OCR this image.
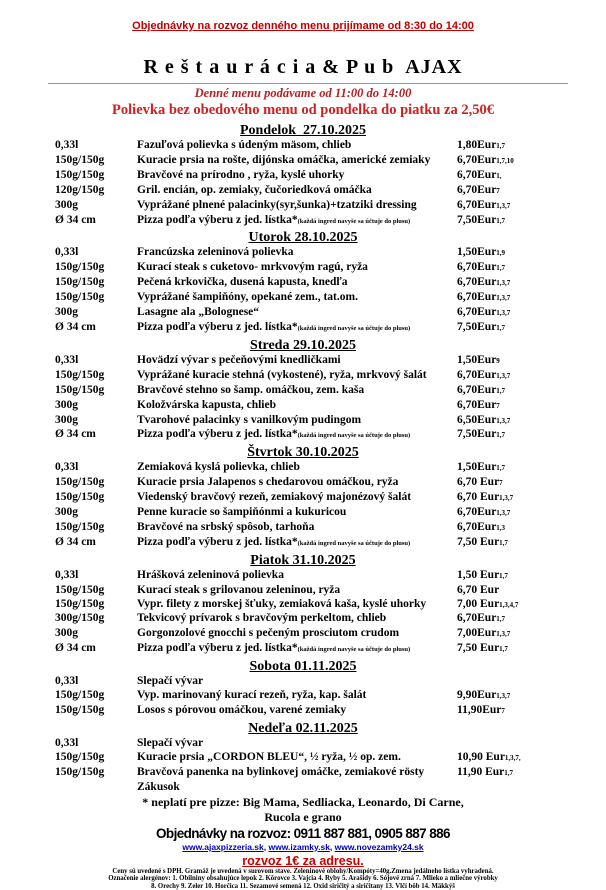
Objednávky na rozvoz denného menu prijímame od 8:30 do 14:00
R e š t a u r á c i a & P u b  AJAX
Denné menu podávame od 11:00 do 14:00
Polievka bez obedového menu od pondelka do piatku za 2,50€
Pondelok  27.10.2025
0,33l	Fazuľová polievka s údeným mäsom, chlieb	1,80Eur1,7
150g/150g	Kuracie prsia na rošte, dijónska omáčka, americké zemiaky	6,70Eur1,7,10
150g/150g	Bravčové na prírodno , ryža, kyslé uhorky	6,70Eur1,
120g/150g	Gril. encián, op. zemiaky, čučoriedková omáčka	6,70Eur7
300g	Vyprážané plnené palacinky(syr,šunka)+tzatziki dressing	6,70Eur1,3,7
Ø 34 cm	Pizza podľa výberu z jed. lístka*(každá ingred navyše sa účtuje do plusu)	7,50Eur1,7
Utorok 28.10.2025
0,33l	Francúzska zeleninová polievka	1,50Eur1,9
150g/150g	Kurací steak s cuketovo- mrkvovým ragú, ryža	6,70Eur1,7
150g/150g	Pečená krkovička, dusená kapusta, knedľa	6,70Eur1,3,7
150g/150g	Vyprážané šampiňóny, opekané zem., tat.om.	6,70Eur1,3,7
300g	Lasagne ala „Bolognese“	6,70Eur1,3,7
Ø 34 cm	Pizza podľa výberu z jed. lístka*(každá ingred navyše sa účtuje do plusu)	7,50Eur1,7
Streda 29.10.2025
0,33l	Hovädzí vývar s pečeňovými knedličkami	1,50Eur9
150g/150g	Vyprážané kuracie stehná (vykostené), ryža, mrkvový šalát	6,70Eur1,3,7
150g/150g	Bravčové stehno so šamp. omáčkou, zem. kaša	6,70Eur1,7
300g	Koložvárska kapusta, chlieb	6,70Eur7
300g	Tvarohové palacinky s vanilkovým pudingom	6,50Eur1,3,7
Ø 34 cm	Pizza podľa výberu z jed. lístka*(každá ingred navyše sa účtuje do plusu)	7,50Eur1,7
Štvrtok 30.10.2025
0,33l	Zemiaková kyslá polievka, chlieb	1,50Eur1,7
150g/150g	Kuracie prsia Jalapenos s chedarovou omáčkou, ryža	6,70 Eur7
150g/150g	Viedenský bravčový rezeň, zemiakový majonézový šalát	6,70 Eur1,3,7
300g	Penne kuracie so šampiňónmi a kukuricou	6,70Eur1,3,7
150g/150g	Bravčové na srbský spôsob, tarhoňa	6,70Eur1,3
Ø 34 cm	Pizza podľa výberu z jed. lístka*(každá ingred navyše sa účtuje do plusu)	7,50 Eur1,7
Piatok 31.10.2025
0,33l	Hrášková zeleninová polievka	1,50 Eur1,7
150g/150g	Kurací steak s grilovanou zeleninou, ryža	6,70 Eur
150g/150g	Vypr. filety z morskej šťuky, zemiaková kaša, kyslé uhorky	7,00 Eur1,3,4,7
300g/150g	Tekvicový prívarok s bravčovým perkeltom, chlieb	6,70Eur1,7
300g	Gorgonzolové gnocchi s pečeným prosciutom crudom	7,00Eur1,3,7
Ø 34 cm	Pizza podľa výberu z jed. lístka*(každá ingred navyše sa účtuje do plusu)	7,50 Eur1,7
Sobota 01.11.2025
0,33l	Slepačí vývar
150g/150g	Vyp. marinovaný kurací rezeň, ryža, kap. šalát	9,90Eur1,3,7
150g/150g	Losos s pórovou omáčkou, varené zemiaky	11,90Eur7
Nedeľa 02.11.2025
0,33l	Slepačí vývar
150g/150g	Kuracie prsia „CORDON BLEU“, ½ ryža, ½ op. zem.	10,90 Eur1,3,7,
150g/150g	Bravčová panenka na bylinkovej omáčke, zemiakové rösty	11,90 Eur1,7
Zákusok
* neplatí pre pizze: Big Mama, Sedliacka, Leonardo, Di Carne,
Rucola e grano
Objednávky na rozvoz: 0911 887 881, 0905 887 886
www.ajaxpizzeria.sk, www.izamky.sk, www.novezamky24.sk
rozvoz 1€ za adresu.
Ceny sú uvedené s DPH. Gramáž je uvedená v surovom stave. Zeleninové oblohy/Kompóty=40g.Zmena jedálneho lístka vyhradená.
Označenie alergénov: 1. Obilniny obsahujúce lepok 2. Kôrovce 3. Vajcia 4. Ryby 5. Arašidy 6. Sójové zrná 7. Mlieko a mliečne výrobky
8. Orechy 9. Zeler 10. Horčica 11. Sezamové semená 12. Oxid siričitý a siričitany 13. Vlčí bôb 14. Mäkkýš
